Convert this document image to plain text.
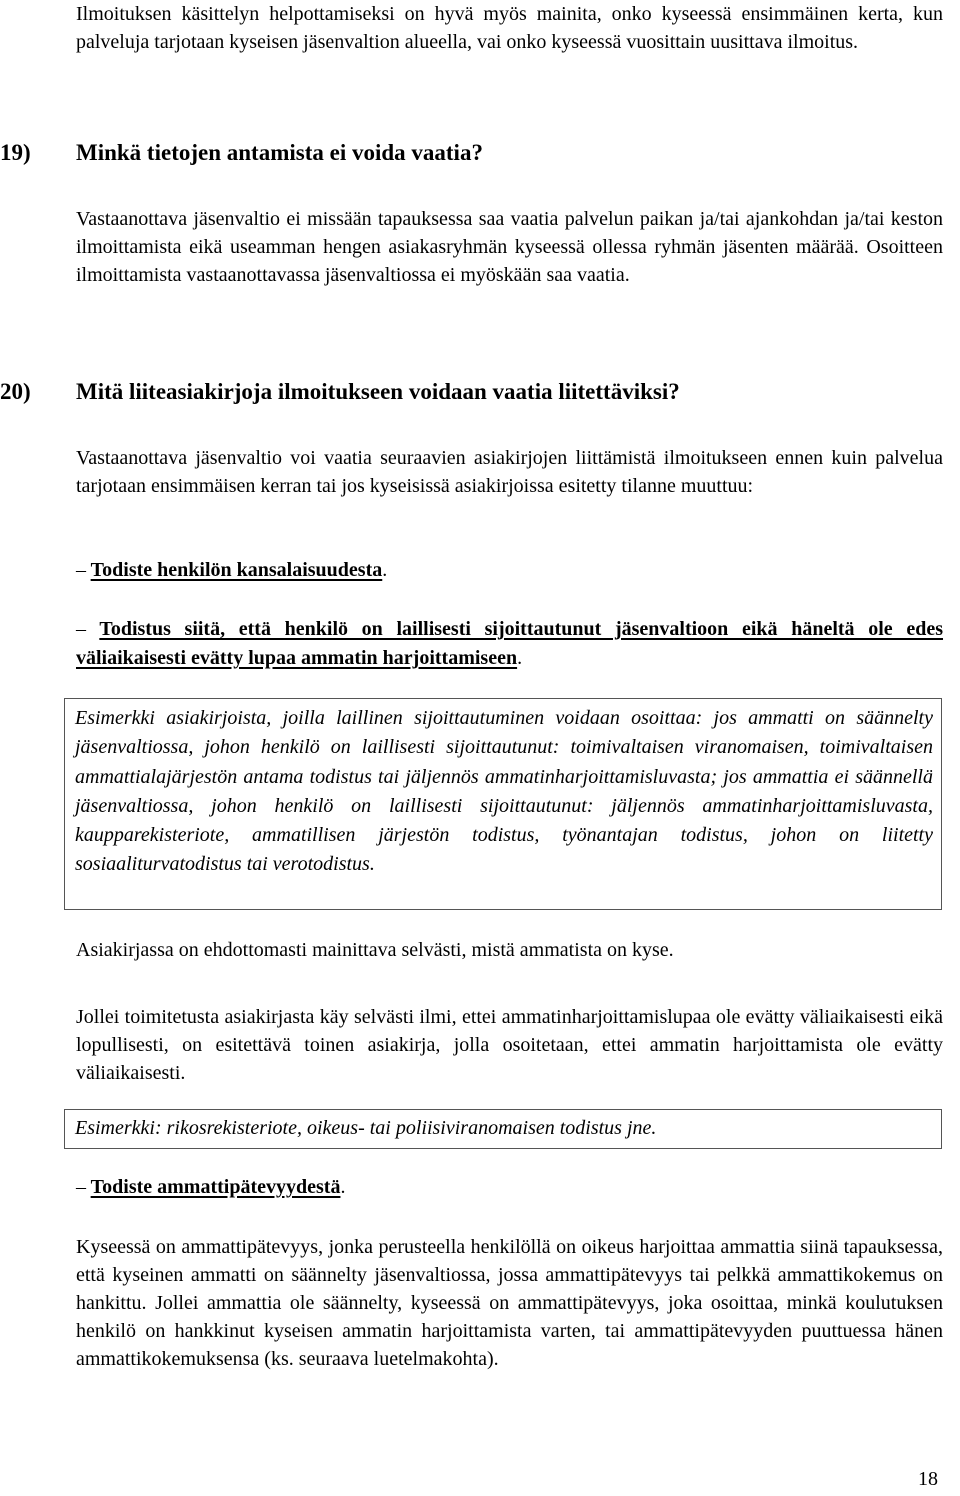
Ilmoituksen käsittelyn helpottamiseksi on hyvä myös mainita, onko kyseessä ensimmäinen kerta, kun palveluja tarjotaan kyseisen jäsenvaltion alueella, vai onko kyseessä vuosittain uusittava ilmoitus.

19) Minkä tietojen antamista ei voida vaatia?

Vastaanottava jäsenvaltio ei missään tapauksessa saa vaatia palvelun paikan ja/tai ajankohdan ja/tai keston ilmoittamista eikä useamman hengen asiakasryhmän kyseessä ollessa ryhmän jäsenten määrää. Osoitteen ilmoittamista vastaanottavassa jäsenvaltiossa ei myöskään saa vaatia.

20) Mitä liiteasiakirjoja ilmoitukseen voidaan vaatia liitettäviksi?

Vastaanottava jäsenvaltio voi vaatia seuraavien asiakirjojen liittämistä ilmoitukseen ennen kuin palvelua tarjotaan ensimmäisen kerran tai jos kyseisissä asiakirjoissa esitetty tilanne muuttuu:

– Todiste henkilön kansalaisuudesta.
– Todistus siitä, että henkilö on laillisesti sijoittautunut jäsenvaltioon eikä häneltä ole edes väliaikaisesti evätty lupaa ammatin harjoittamiseen.

Esimerkki asiakirjoista, joilla laillinen sijoittautuminen voidaan osoittaa: jos ammatti on säännelty jäsenvaltiossa, johon henkilö on laillisesti sijoittautunut: toimivaltaisen viranomaisen, toimivaltaisen ammattialajärjestön antama todistus tai jäljennös ammatinharjoittamisluvasta; jos ammattia ei säännellä jäsenvaltiossa, johon henkilö on laillisesti sijoittautunut: jäljennös ammatinharjoittamisluvasta, kaupparekisteriote, ammatillisen järjestön todistus, työnantajan todistus, johon on liitetty sosiaaliturvatodistus tai verotodistus.

Asiakirjassa on ehdottomasti mainittava selvästi, mistä ammatista on kyse.

Jollei toimitetusta asiakirjasta käy selvästi ilmi, ettei ammatinharjoittamislupaa ole evätty väliaikaisesti eikä lopullisesti, on esitettävä toinen asiakirja, jolla osoitetaan, ettei ammatin harjoittamista ole evätty väliaikaisesti.

Esimerkki: rikosrekisteriote, oikeus- tai poliisiviranomaisen todistus jne.

– Todiste ammattipätevyydestä.

Kyseessä on ammattipätevyys, jonka perusteella henkilöllä on oikeus harjoittaa ammattia siinä tapauksessa, että kyseinen ammatti on säännelty jäsenvaltiossa, jossa ammattipätevyys tai pelkkä ammattikokemus on hankittu. Jollei ammattia ole säännelty, kyseessä on ammattipätevyys, joka osoittaa, minkä koulutuksen henkilö on hankkinut kyseisen ammatin harjoittamista varten, tai ammattipätevyyden puuttuessa hänen ammattikokemuksensa (ks. seuraava luetelmakohta).

18
